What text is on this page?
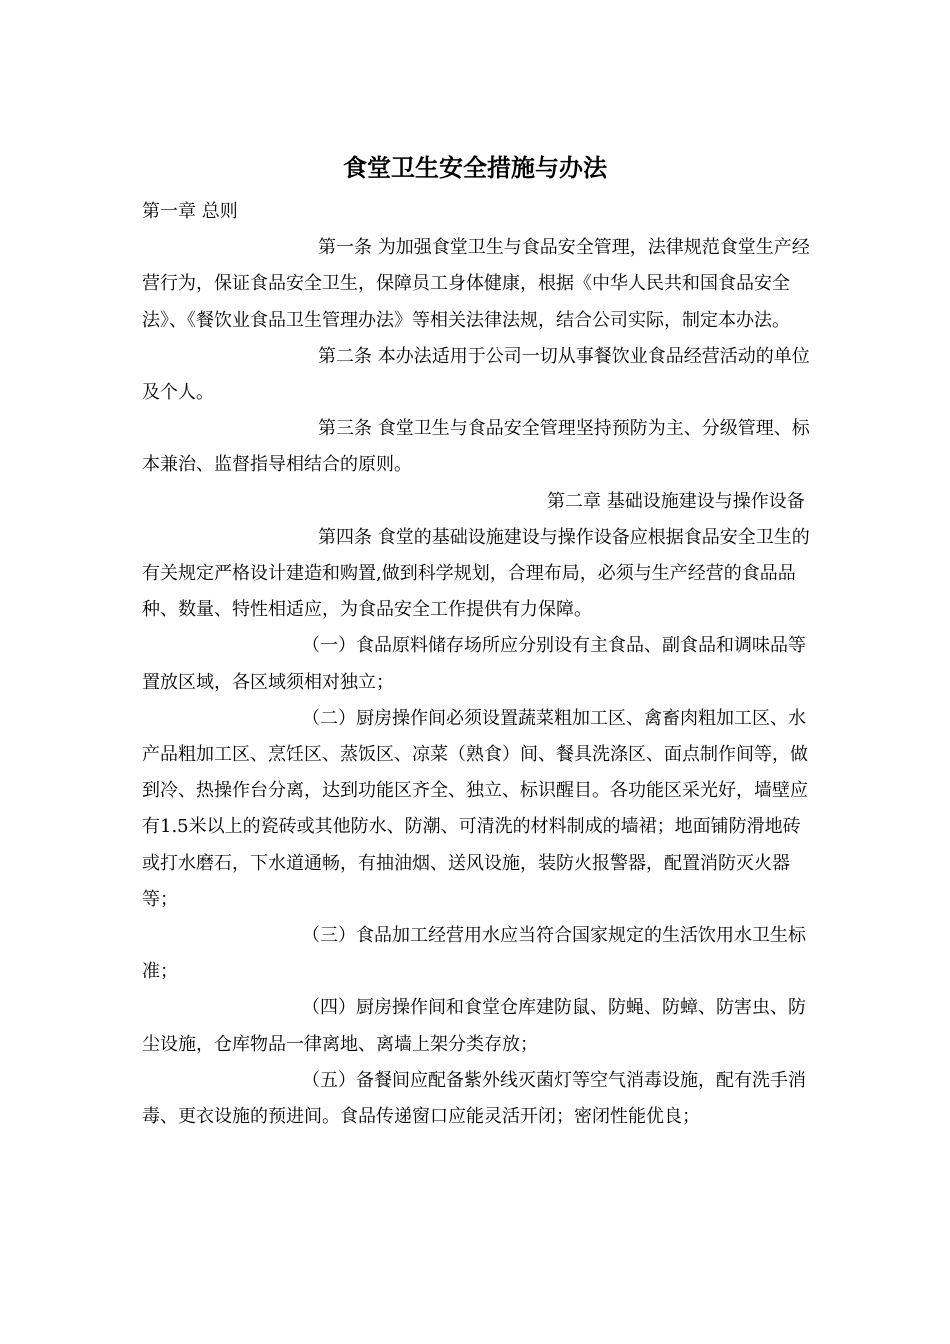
食堂卫生安全措施与办法

第一章 总则

第一条 为加强食堂卫生与食品安全管理，法律规范食堂生产经营行为，保证食品安全卫生，保障员工身体健康，根据《中华人民共和国食品安全法》、《餐饮业食品卫生管理办法》等相关法律法规，结合公司实际，制定本办法。

第二条 本办法适用于公司一切从事餐饮业食品经营活动的单位及个人。

第三条 食堂卫生与食品安全管理坚持预防为主、分级管理、标本兼治、监督指导相结合的原则。

第二章 基础设施建设与操作设备

第四条 食堂的基础设施建设与操作设备应根据食品安全卫生的有关规定严格设计建造和购置,做到科学规划，合理布局，必须与生产经营的食品品种、数量、特性相适应，为食品安全工作提供有力保障。

（一）食品原料储存场所应分别设有主食品、副食品和调味品等置放区域，各区域须相对独立；

（二）厨房操作间必须设置蔬菜粗加工区、禽畜肉粗加工区、水产品粗加工区、烹饪区、蒸饭区、凉菜（熟食）间、餐具洗涤区、面点制作间等，做到冷、热操作台分离，达到功能区齐全、独立、标识醒目。各功能区采光好，墙壁应有1.5米以上的瓷砖或其他防水、防潮、可清洗的材料制成的墙裙；地面铺防滑地砖或打水磨石，下水道通畅，有抽油烟、送风设施，装防火报警器，配置消防灭火器等；

（三）食品加工经营用水应当符合国家规定的生活饮用水卫生标准；

（四）厨房操作间和食堂仓库建防鼠、防蝇、防蟑、防害虫、防尘设施，仓库物品一律离地、离墙上架分类存放；

（五）备餐间应配备紫外线灭菌灯等空气消毒设施，配有洗手消毒、更衣设施的预进间。食品传递窗口应能灵活开闭；密闭性能优良；
